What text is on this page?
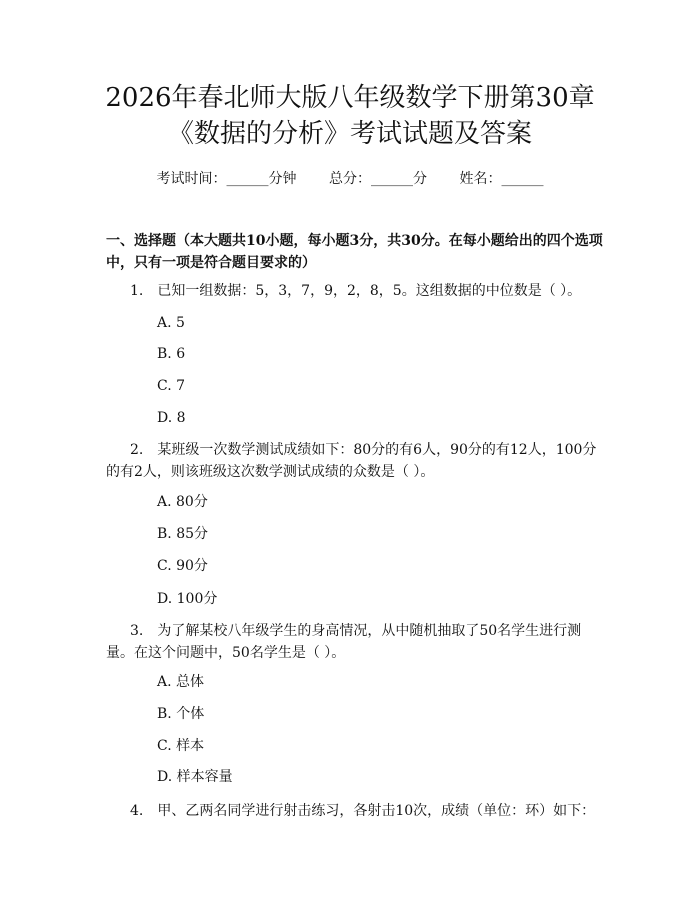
2026年春北师大版八年级数学下册第30章
《数据的分析》考试试题及答案
考试时间：______分钟 总分：______分 姓名：______
一、选择题（本大题共10小题，每小题3分，共30分。在每小题给出的四个选项中，只有一项是符合题目要求的）
1.　已知一组数据：5，3，7，9，2，8，5。这组数据的中位数是（ ）。
A. 5
B. 6
C. 7
D. 8
2.　某班级一次数学测试成绩如下：80分的有6人，90分的有12人，100分的有2人，则该班级这次数学测试成绩的众数是（ ）。
A. 80分
B. 85分
C. 90分
D. 100分
3.　为了解某校八年级学生的身高情况，从中随机抽取了50名学生进行测量。在这个问题中，50名学生是（ ）。
A. 总体
B. 个体
C. 样本
D. 样本容量
4.　甲、乙两名同学进行射击练习，各射击10次，成绩（单位：环）如下：
